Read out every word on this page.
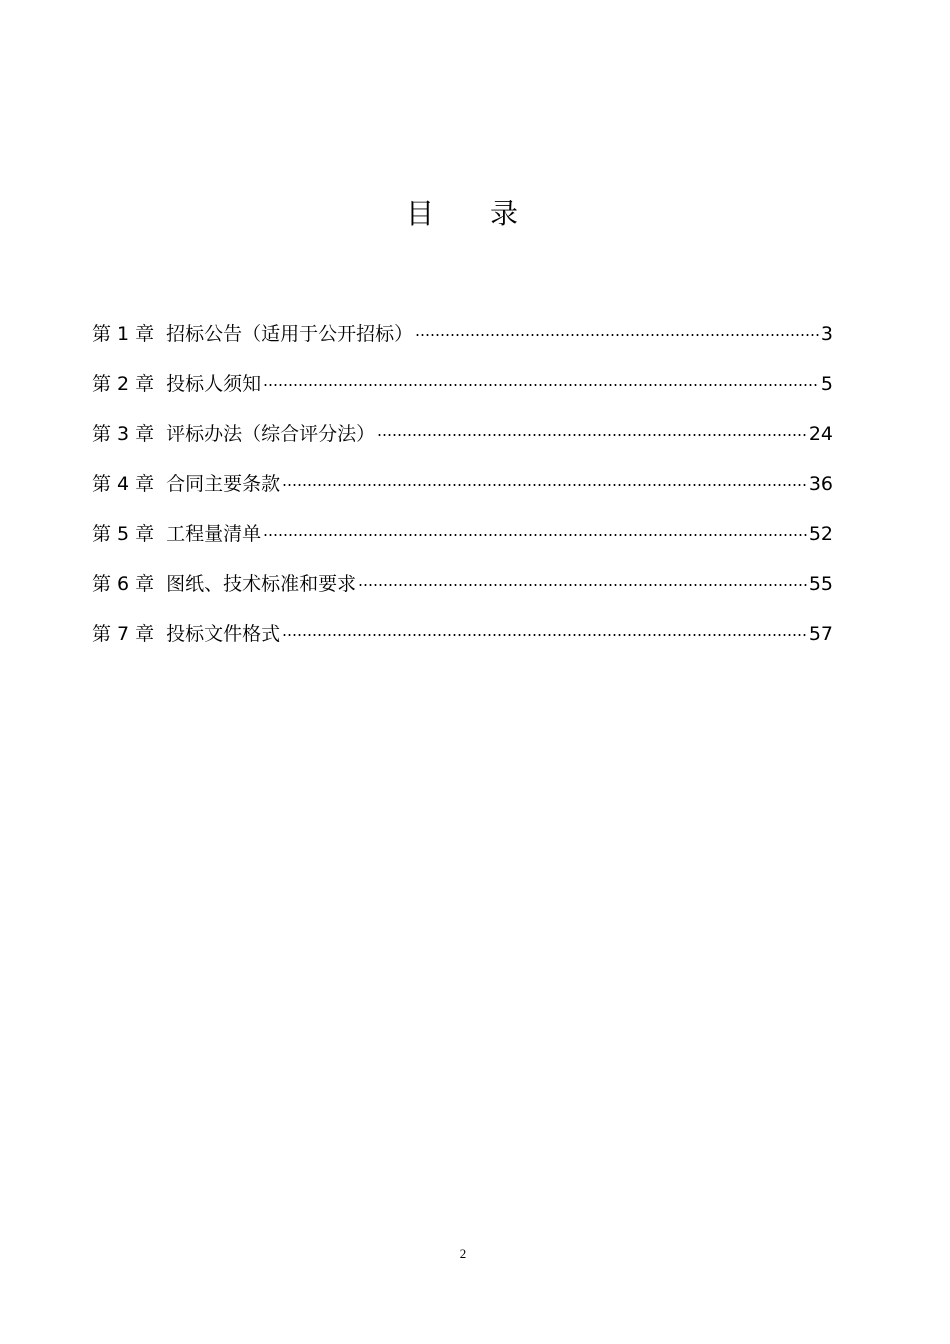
目 录
第 1 章 招标公告（适用于公开招标）	3
第 2 章 投标人须知	5
第 3 章 评标办法（综合评分法）	24
第 4 章 合同主要条款	36
第 5 章 工程量清单	52
第 6 章 图纸、技术标准和要求	55
第 7 章 投标文件格式	57
2
